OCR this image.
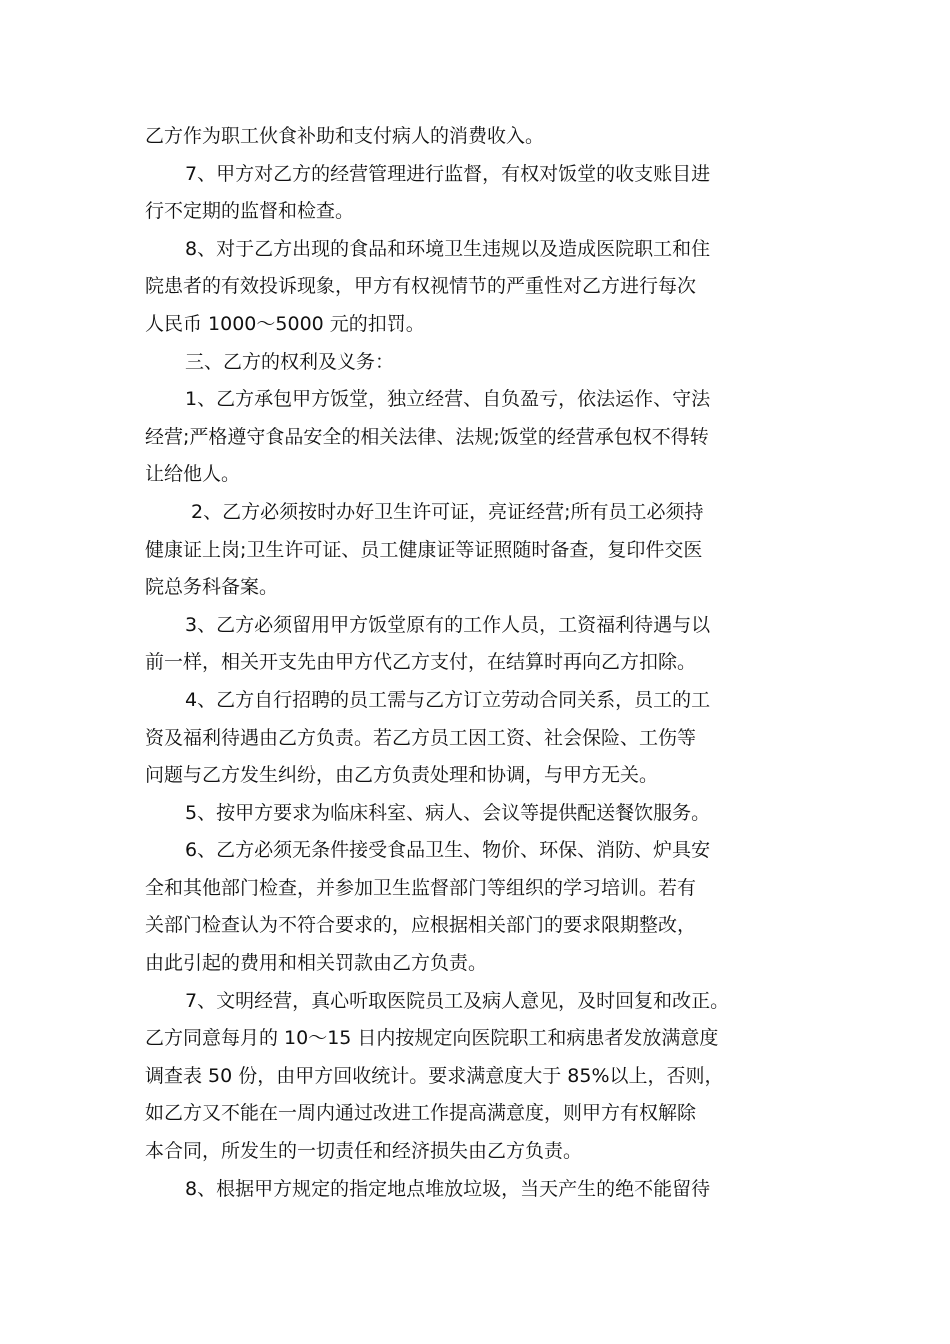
乙方作为职工伙食补助和支付病人的消费收入。
7、甲方对乙方的经营管理进行监督，有权对饭堂的收支账目进
行不定期的监督和检查。
8、对于乙方出现的食品和环境卫生违规以及造成医院职工和住
院患者的有效投诉现象，甲方有权视情节的严重性对乙方进行每次
人民币 1000～5000 元的扣罚。
三、乙方的权利及义务：
1、乙方承包甲方饭堂，独立经营、自负盈亏，依法运作、守法
经营;严格遵守食品安全的相关法律、法规;饭堂的经营承包权不得转
让给他人。
2、乙方必须按时办好卫生许可证，亮证经营;所有员工必须持
健康证上岗;卫生许可证、员工健康证等证照随时备查，复印件交医
院总务科备案。
3、乙方必须留用甲方饭堂原有的工作人员，工资福利待遇与以
前一样，相关开支先由甲方代乙方支付，在结算时再向乙方扣除。
4、乙方自行招聘的员工需与乙方订立劳动合同关系，员工的工
资及福利待遇由乙方负责。若乙方员工因工资、社会保险、工伤等
问题与乙方发生纠纷，由乙方负责处理和协调，与甲方无关。
5、按甲方要求为临床科室、病人、会议等提供配送餐饮服务。
6、乙方必须无条件接受食品卫生、物价、环保、消防、炉具安
全和其他部门检查，并参加卫生监督部门等组织的学习培训。若有
关部门检查认为不符合要求的，应根据相关部门的要求限期整改，
由此引起的费用和相关罚款由乙方负责。
7、文明经营，真心听取医院员工及病人意见，及时回复和改正。
乙方同意每月的 10～15 日内按规定向医院职工和病患者发放满意度
调查表 50 份，由甲方回收统计。要求满意度大于 85%以上，否则，
如乙方又不能在一周内通过改进工作提高满意度，则甲方有权解除
本合同，所发生的一切责任和经济损失由乙方负责。
8、根据甲方规定的指定地点堆放垃圾，当天产生的绝不能留待
